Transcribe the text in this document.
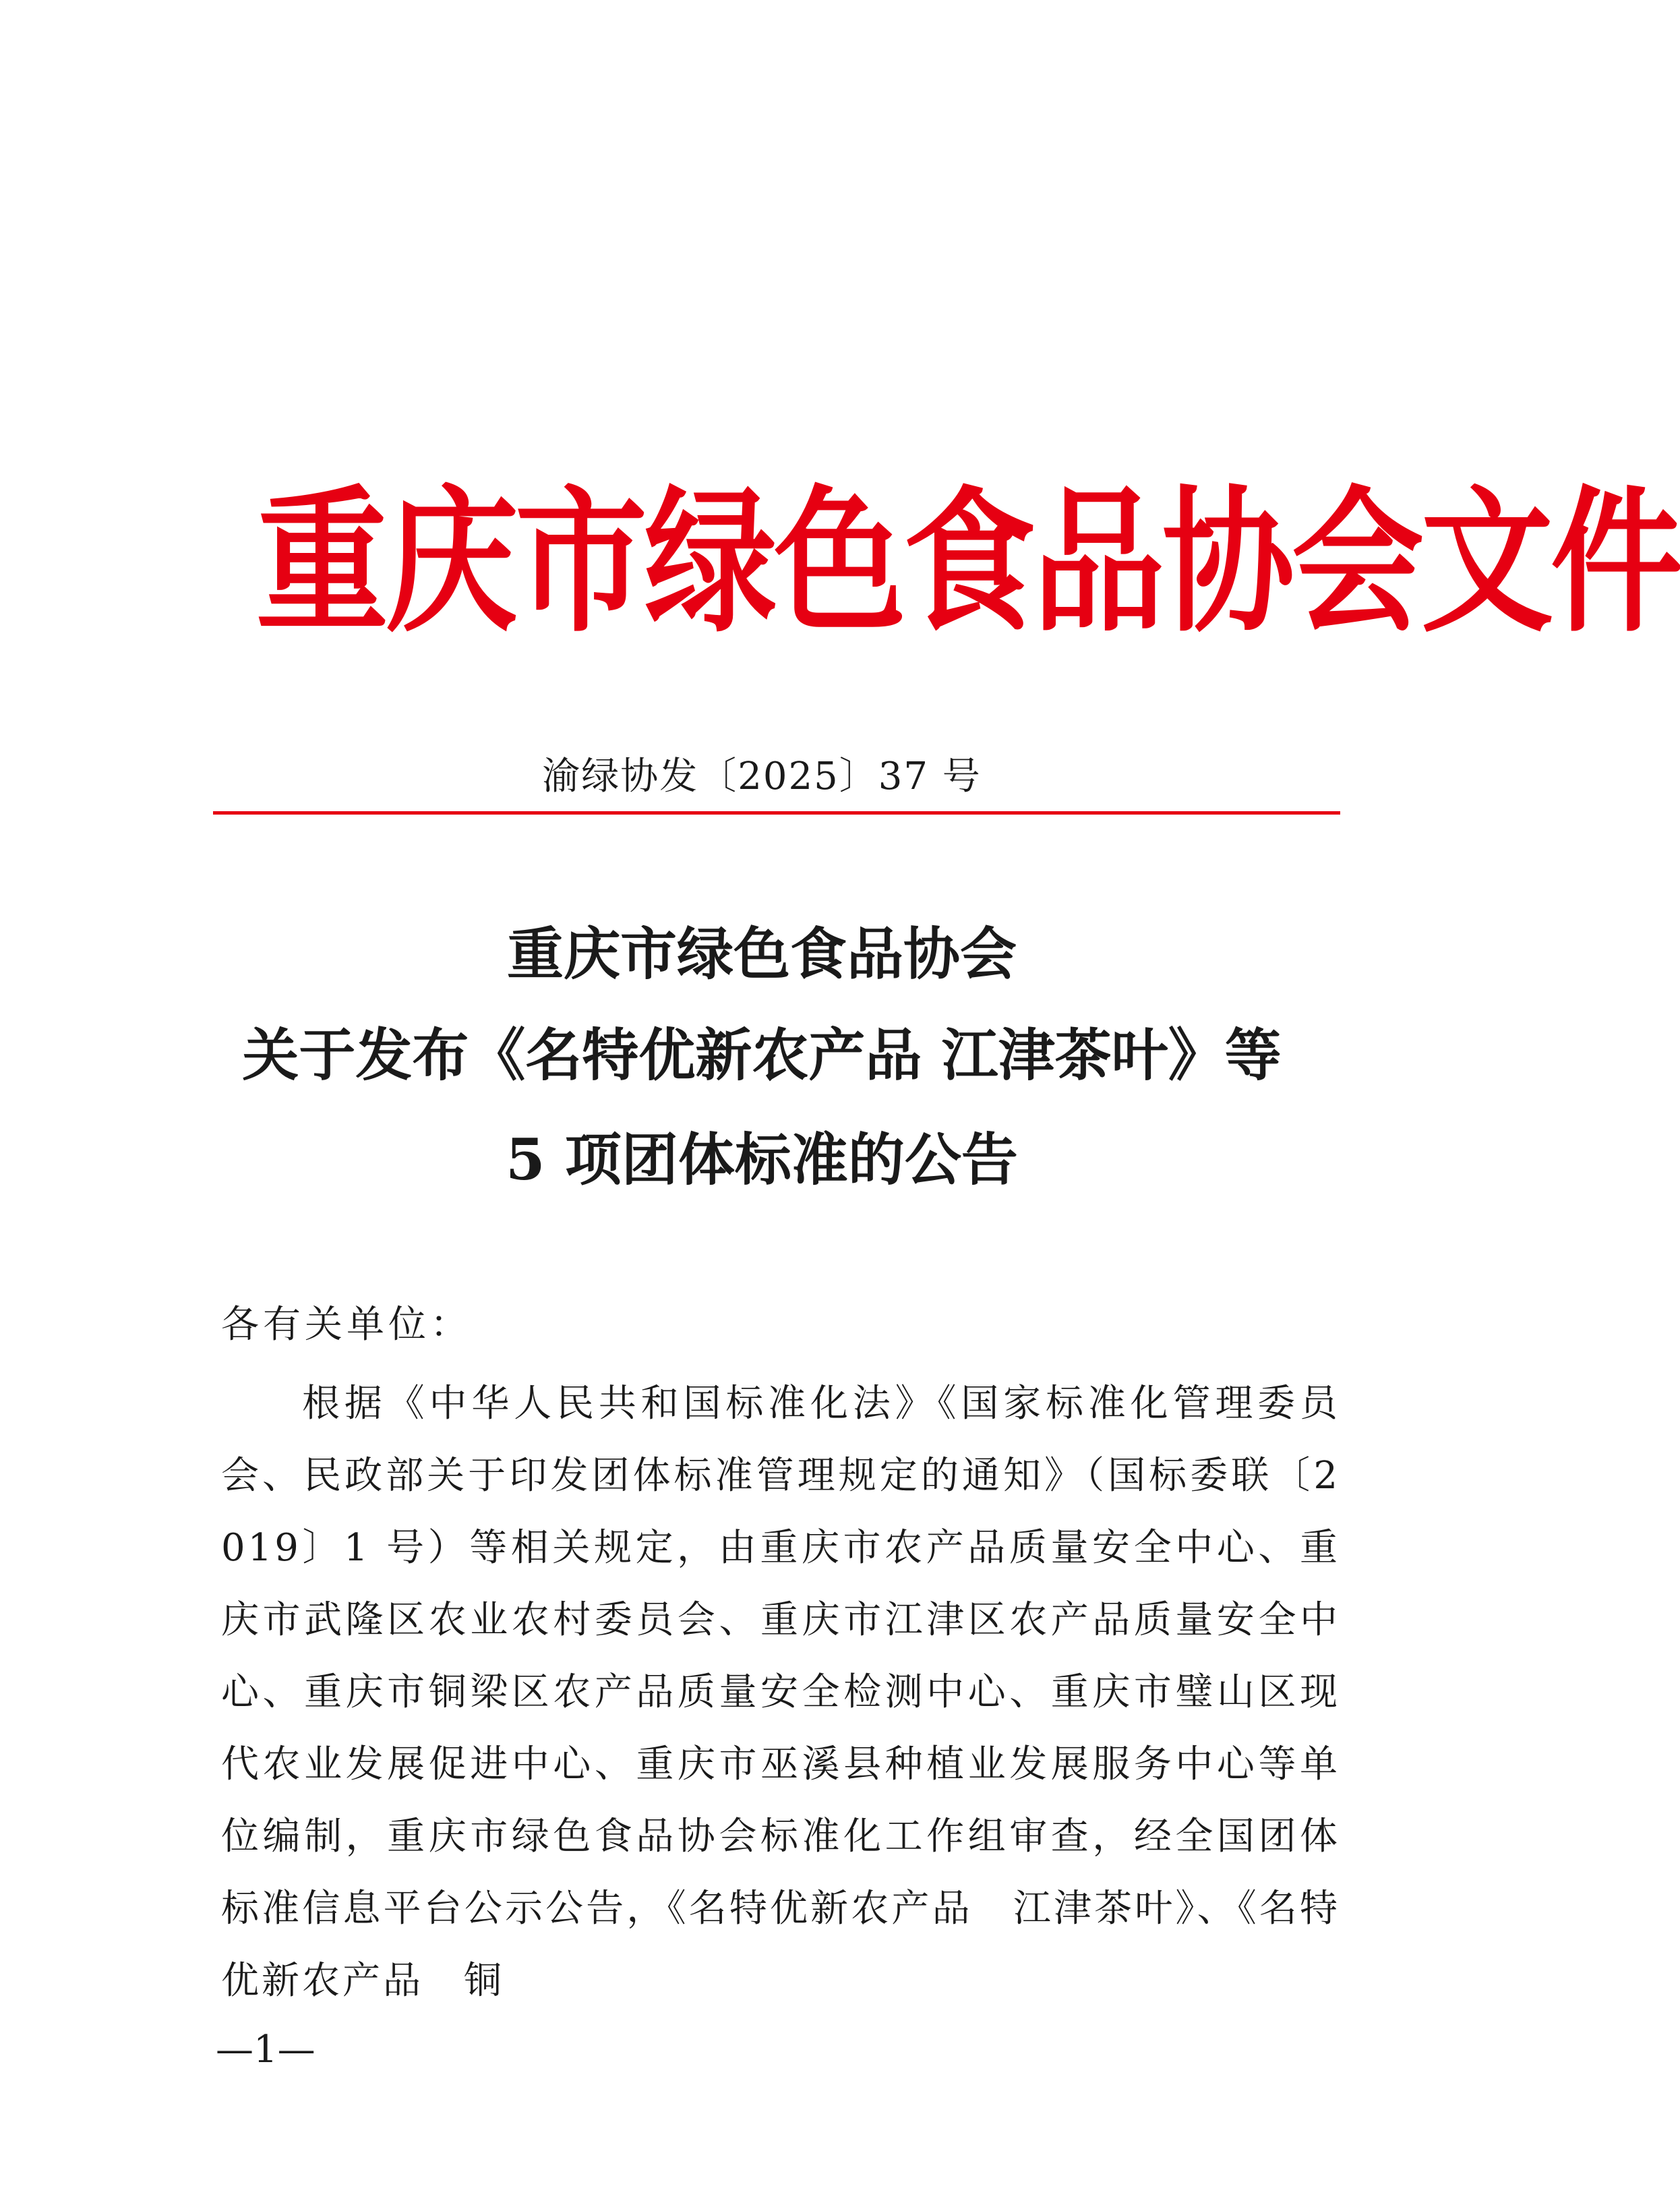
重庆市绿色食品协会文件
渝绿协发〔2025〕37 号
重庆市绿色食品协会
关于发布《名特优新农产品 江津茶叶》等
5 项团体标准的公告
各有关单位：
根据《中华人民共和国标准化法》《国家标准化管理委员会、民政部关于印发团体标准管理规定的通知》（国标委联〔2019〕1 号）等相关规定，由重庆市农产品质量安全中心、重庆市武隆区农业农村委员会、重庆市江津区农产品质量安全中心、重庆市铜梁区农产品质量安全检测中心、重庆市璧山区现代农业发展促进中心、重庆市巫溪县种植业发展服务中心等单位编制，重庆市绿色食品协会标准化工作组审查，经全国团体标准信息平台公示公告，《名特优新农产品　江津茶叶》、《名特优新农产品　铜
—1—
